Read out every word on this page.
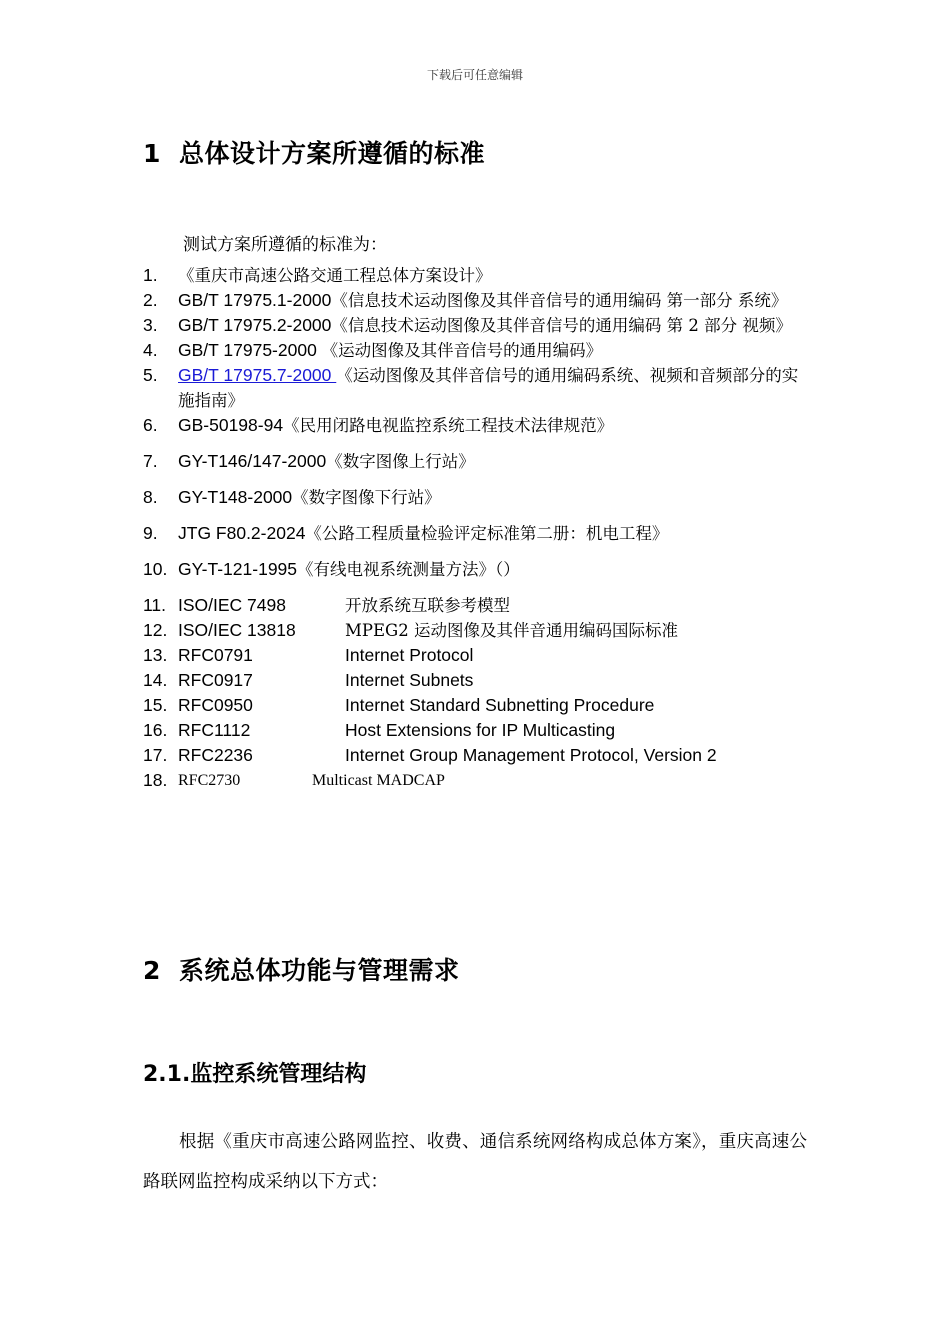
下载后可任意编辑
1 总体设计方案所遵循的标准
测试方案所遵循的标准为：
1.	《重庆市高速公路交通工程总体方案设计》
2.	GB/T 17975.1-2000《信息技术运动图像及其伴音信号的通用编码 第一部分 系统》
3.	GB/T 17975.2-2000《信息技术运动图像及其伴音信号的通用编码 第 2 部分 视频》
4.	GB/T 17975-2000 《运动图像及其伴音信号的通用编码》
5.	GB/T 17975.7-2000 《运动图像及其伴音信号的通用编码系统、视频和音频部分的实施指南》
6.	GB-50198-94《民用闭路电视监控系统工程技术法律规范》
7.	GY-T146/147-2000《数字图像上行站》
8.	GY-T148-2000《数字图像下行站》
9.	JTG F80.2-2024《公路工程质量检验评定标准第二册：机电工程》
10. GY-T-121-1995《有线电视系统测量方法》（）
11. ISO/IEC 7498	开放系统互联参考模型
12. ISO/IEC 13818	MPEG2 运动图像及其伴音通用编码国际标准
13. RFC0791	Internet Protocol
14. RFC0917	Internet Subnets
15. RFC0950	Internet Standard Subnetting Procedure
16. RFC1112	Host Extensions for IP Multicasting
17. RFC2236	Internet Group Management Protocol, Version 2
18. RFC2730	Multicast MADCAP
2 系统总体功能与管理需求
2.1.监控系统管理结构
根据《重庆市高速公路网监控、收费、通信系统网络构成总体方案》，重庆高速公路联网监控构成采纳以下方式：
